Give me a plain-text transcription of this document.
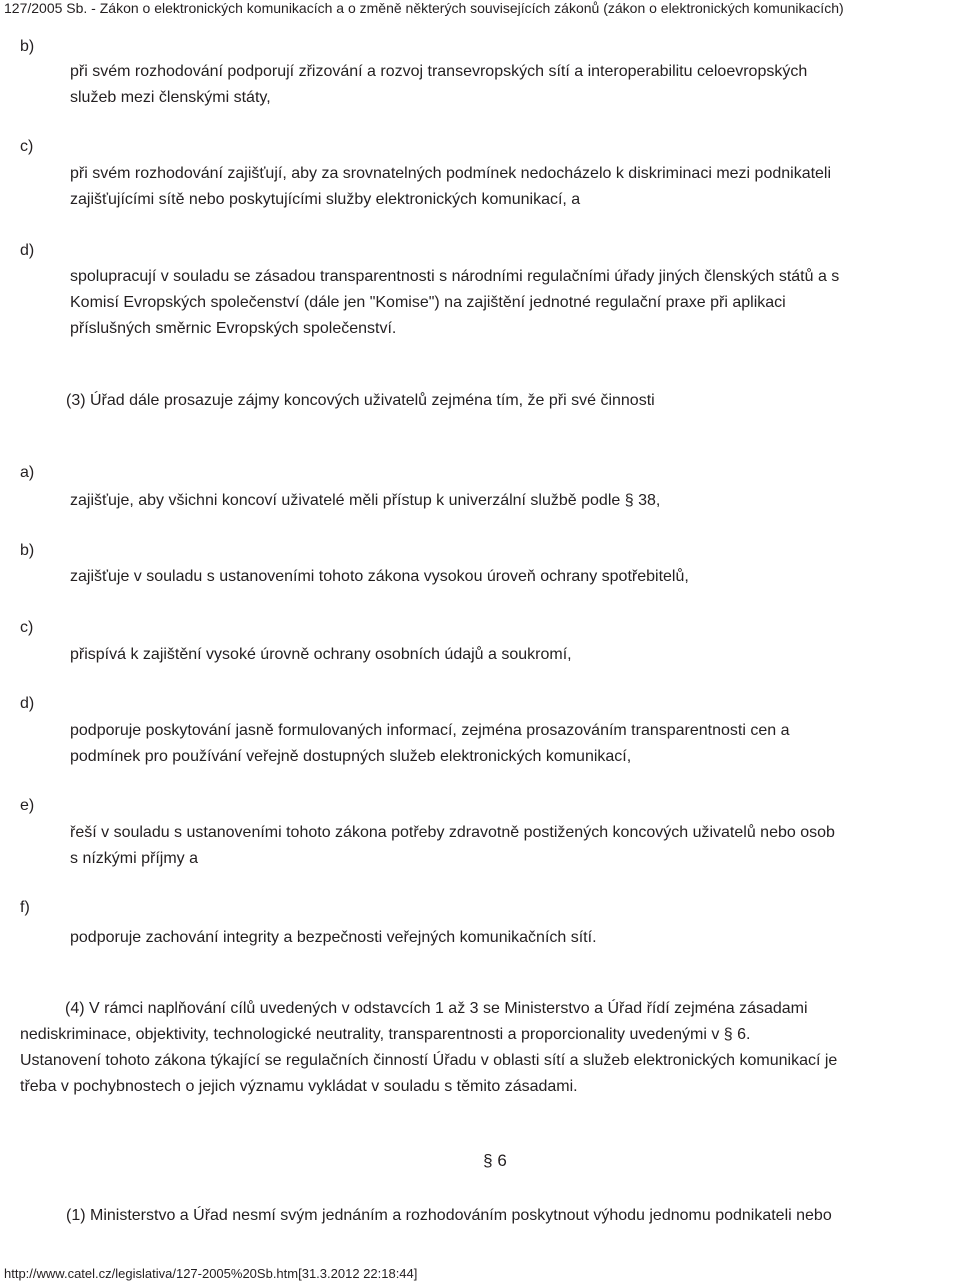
127/2005 Sb. - Zákon o elektronických komunikacích a o změně některých souvisejících zákonů (zákon o elektronických komunikacích)
b)
při svém rozhodování podporují zřizování a rozvoj transevropských sítí a interoperabilitu celoevropských
služeb mezi členskými státy,
c)
při svém rozhodování zajišťují, aby za srovnatelných podmínek nedocházelo k diskriminaci mezi podnikateli
zajišťujícími sítě nebo poskytujícími služby elektronických komunikací, a
d)
spolupracují v souladu se zásadou transparentnosti s národními regulačními úřady jiných členských států a s
Komisí Evropských společenství (dále jen "Komise") na zajištění jednotné regulační praxe při aplikaci
příslušných směrnic Evropských společenství.
(3) Úřad dále prosazuje zájmy koncových uživatelů zejména tím, že při své činnosti
a)
zajišťuje, aby všichni koncoví uživatelé měli přístup k univerzální službě podle § 38,
b)
zajišťuje v souladu s ustanoveními tohoto zákona vysokou úroveň ochrany spotřebitelů,
c)
přispívá k zajištění vysoké úrovně ochrany osobních údajů a soukromí,
d)
podporuje poskytování jasně formulovaných informací, zejména prosazováním transparentnosti cen a
podmínek pro používání veřejně dostupných služeb elektronických komunikací,
e)
řeší v souladu s ustanoveními tohoto zákona potřeby zdravotně postižených koncových uživatelů nebo osob
s nízkými příjmy a
f)
podporuje zachování integrity a bezpečnosti veřejných komunikačních sítí.
(4) V rámci naplňování cílů uvedených v odstavcích 1 až 3 se Ministerstvo a Úřad řídí zejména zásadami
nediskriminace, objektivity, technologické neutrality, transparentnosti a proporcionality uvedenými v § 6.
Ustanovení tohoto zákona týkající se regulačních činností Úřadu v oblasti sítí a služeb elektronických komunikací je
třeba v pochybnostech o jejich významu vykládat v souladu s těmito zásadami.
§ 6
(1) Ministerstvo a Úřad nesmí svým jednáním a rozhodováním poskytnout výhodu jednomu podnikateli nebo
http://www.catel.cz/legislativa/127-2005%20Sb.htm[31.3.2012 22:18:44]
